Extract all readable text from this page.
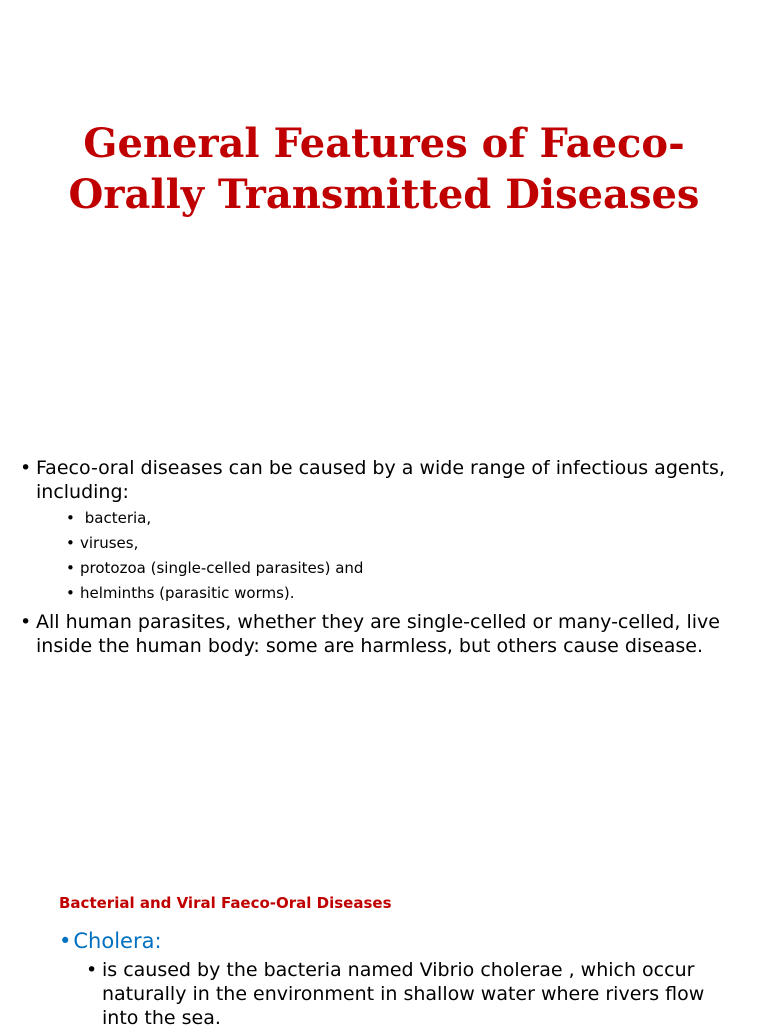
General Features of Faeco-
Orally Transmitted Diseases
• Faeco-oral diseases can be caused by a wide range of infectious agents, including:
• bacteria,
• viruses,
• protozoa (single-celled parasites) and
• helminths (parasitic worms).
• All human parasites, whether they are single-celled or many-celled, live inside the human body: some are harmless, but others cause disease.
Bacterial and Viral Faeco-Oral Diseases
•Cholera:
• is caused by the bacteria named Vibrio cholerae , which occur naturally in the environment in shallow water where rivers flow into the sea.
